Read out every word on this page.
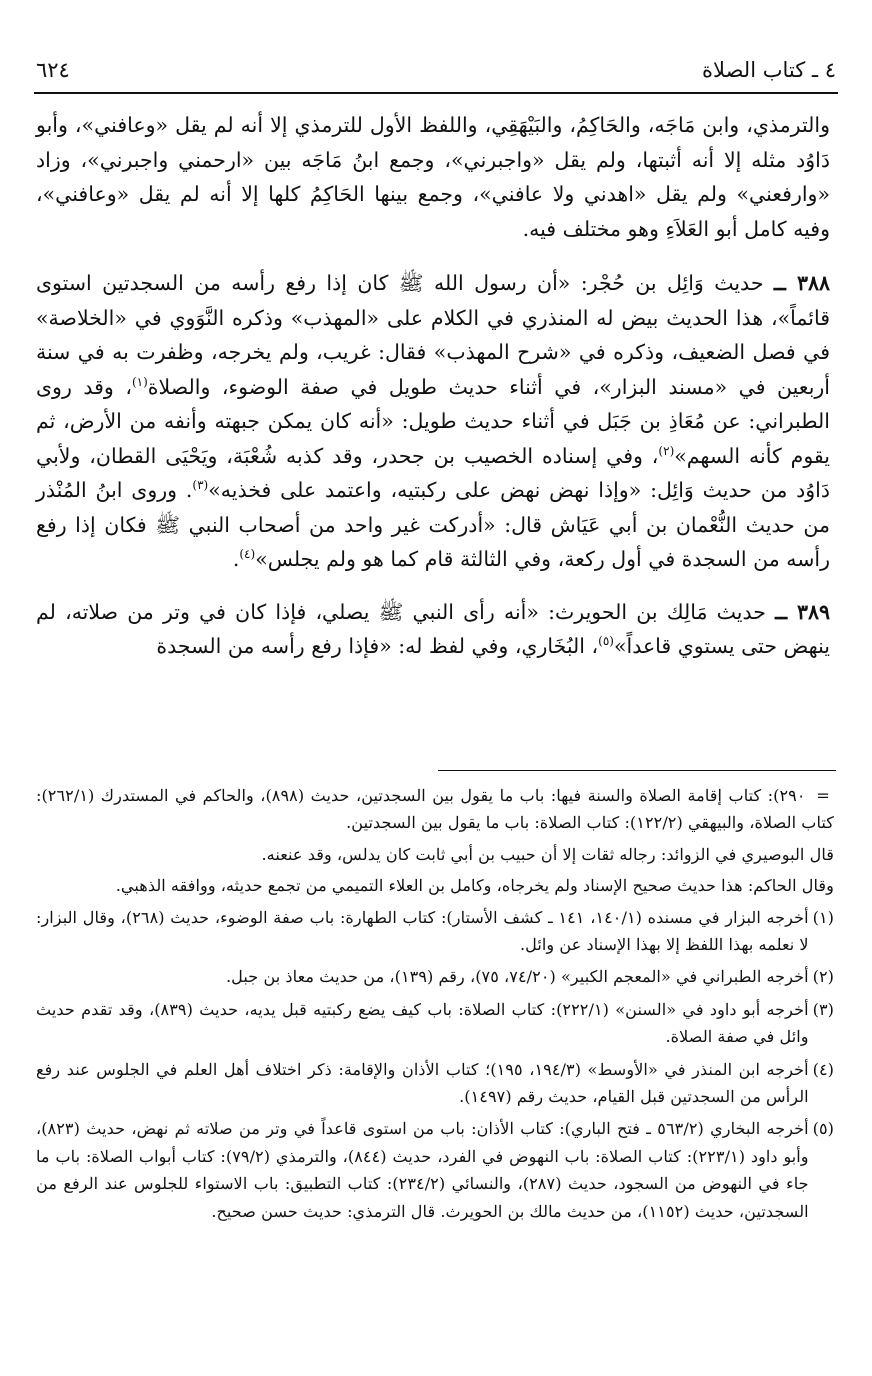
٦٢٤	٤ ـ كتاب الصلاة

والترمذي، وابن مَاجَه، والحَاكِمُ، والبَيْهَقِي، واللفظ الأول للترمذي إلا أنه لم يقل «وعافني»، وأبو دَاوُد مثله إلا أنه أثبتها، ولم يقل «واجبرني»، وجمع ابنُ مَاجَه بين «ارحمني واجبرني»، وزاد «وارفعني» ولم يقل «اهدني ولا عافني»، وجمع بينها الحَاكِمُ كلها إلا أنه لم يقل «وعافني»، وفيه كامل أبو العَلاَءِ وهو مختلف فيه.

٣٨٨ ــ حديث وَائِل بن حُجْر: «أن رسول الله ﷺ كان إذا رفع رأسه من السجدتين استوى قائماً»، هذا الحديث بيض له المنذري في الكلام على «المهذب» وذكره النَّوَوي في «الخلاصة» في فصل الضعيف، وذكره في «شرح المهذب» فقال: غريب، ولم يخرجه، وظفرت به في سنة أربعين في «مسند البزار»، في أثناء حديث طويل في صفة الوضوء، والصلاة$^{(١)}$، وقد روى الطبراني: عن مُعَاذِ بن جَبَل في أثناء حديث طويل: «أنه كان يمكن جبهته وأنفه من الأرض، ثم يقوم كأنه السهم»$^{(٢)}$، وفي إسناده الخصيب بن جحدر، وقد كذبه شُعْبَة، ويَحْيَى القطان، ولأبي دَاوُد من حديث وَائِل: «وإذا نهض نهض على ركبتيه، واعتمد على فخذيه»$^{(٣)}$. وروى ابنُ المُنْذر من حديث النُّعْمان بن أبي عَيَاش قال: «أدركت غير واحد من أصحاب النبي ﷺ فكان إذا رفع رأسه من السجدة في أول ركعة، وفي الثالثة قام كما هو ولم يجلس»$^{(٤)}$.

٣٨٩ ــ حديث مَالِك بن الحويرث: «أنه رأى النبي ﷺ يصلي، فإذا كان في وتر من صلاته، لم ينهض حتى يستوي قاعداً»$^{(٥)}$، البُخَاري، وفي لفظ له: «فإذا رفع رأسه من السجدة

= ٢٩٠): كتاب إقامة الصلاة والسنة فيها: باب ما يقول بين السجدتين، حديث (٨٩٨)، والحاكم في المستدرك (٢٦٢/١): كتاب الصلاة، والبيهقي (١٢٢/٢): كتاب الصلاة: باب ما يقول بين السجدتين.

قال البوصيري في الزوائد: رجاله ثقات إلا أن حبيب بن أبي ثابت كان يدلس، وقد عنعنه.

وقال الحاكم: هذا حديث صحيح الإسناد ولم يخرجاه، وكامل بن العلاء التميمي من تجمع حديثه، ووافقه الذهبي.

(١)
أخرجه البزار في مسنده (١٤٠/١، ١٤١ ـ كشف الأستار): كتاب الطهارة: باب صفة الوضوء، حديث (٢٦٨)، وقال البزار: لا نعلمه بهذا اللفظ إلا بهذا الإسناد عن وائل.
(٢)
أخرجه الطبراني في «المعجم الكبير» (٧٤/٢٠، ٧٥)، رقم (١٣٩)، من حديث معاذ بن جبل.
(٣)
أخرجه أبو داود في «السنن» (٢٢٢/١): كتاب الصلاة: باب كيف يضع ركبتيه قبل يديه، حديث (٨٣٩)، وقد تقدم حديث وائل في صفة الصلاة.
(٤)
أخرجه ابن المنذر في «الأوسط» (١٩٤/٣، ١٩٥)؛ كتاب الأذان والإقامة: ذكر اختلاف أهل العلم في الجلوس عند رفع الرأس من السجدتين قبل القيام، حديث رقم (١٤٩٧).
(٥)
أخرجه البخاري (٥٦٣/٢ ـ فتح الباري): كتاب الأذان: باب من استوى قاعداً في وتر من صلاته ثم نهض، حديث (٨٢٣)، وأبو داود (٢٢٣/١): كتاب الصلاة: باب النهوض في الفرد، حديث (٨٤٤)، والترمذي (٧٩/٢): كتاب أبواب الصلاة: باب ما جاء في النهوض من السجود، حديث (٢٨٧)، والنسائي (٢٣٤/٢): كتاب التطبيق: باب الاستواء للجلوس عند الرفع من السجدتين، حديث (١١٥٢)، من حديث مالك بن الحويرث. قال الترمذي: حديث حسن صحيح.
